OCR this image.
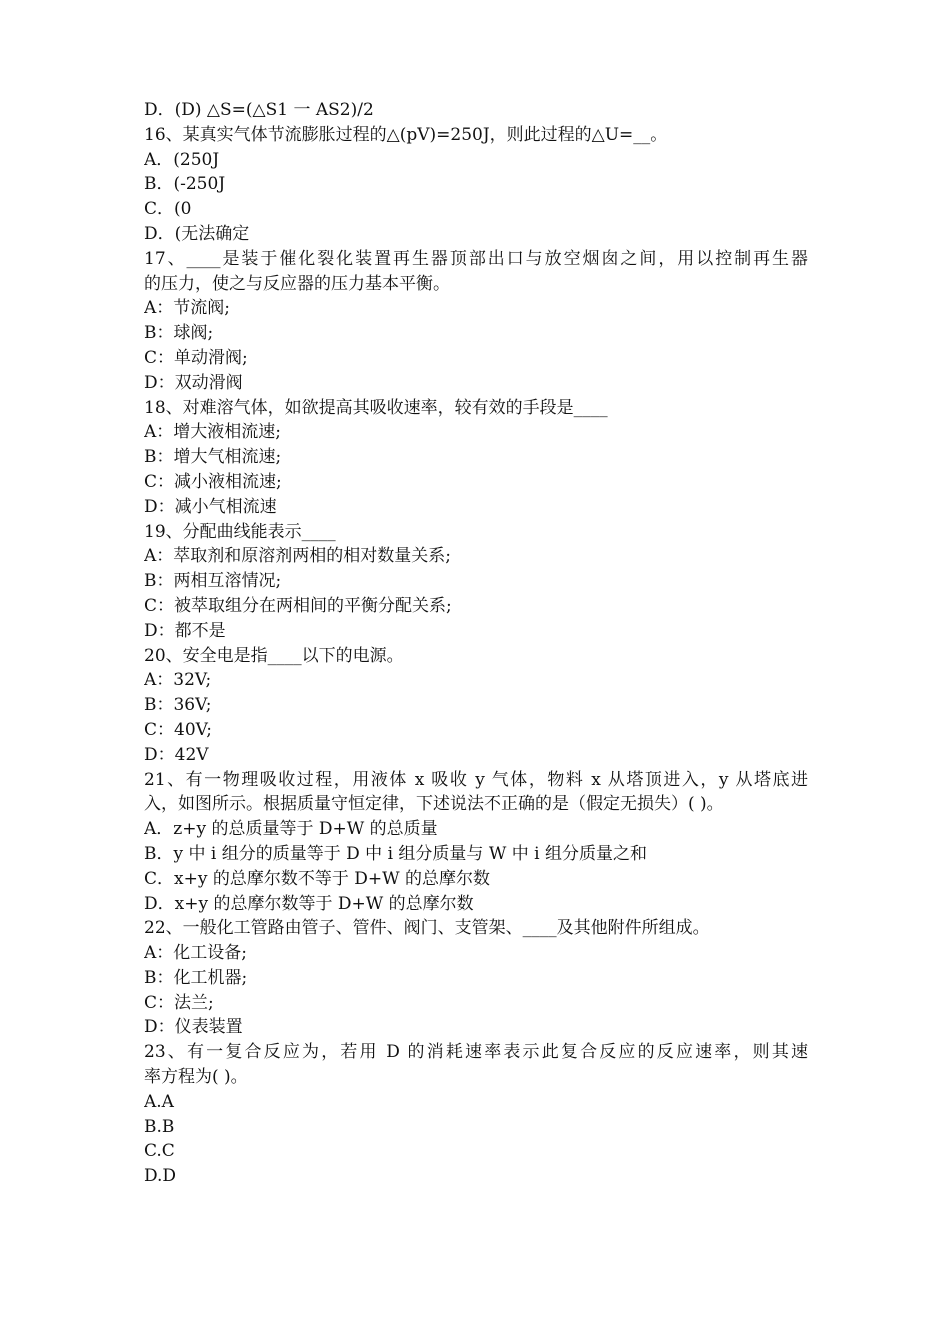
D．(D) △S=(△S1 一 AS2)/2
16、某真实气体节流膨胀过程的△(pV)=250J，则此过程的△U=__。
A．(250J
B．(-250J
C．(0
D．(无法确定
17、____是装于催化裂化装置再生器顶部出口与放空烟囱之间，用以控制再生器
的压力，使之与反应器的压力基本平衡。
A：节流阀;
B：球阀;
C：单动滑阀;
D：双动滑阀
18、对难溶气体，如欲提高其吸收速率，较有效的手段是____
A：增大液相流速;
B：增大气相流速;
C：减小液相流速;
D：减小气相流速
19、分配曲线能表示____
A：萃取剂和原溶剂两相的相对数量关系;
B：两相互溶情况;
C：被萃取组分在两相间的平衡分配关系;
D：都不是
20、安全电是指____以下的电源。
A：32V;
B：36V;
C：40V;
D：42V
21、有一物理吸收过程，用液体 x 吸收 y 气体，物料 x 从塔顶进入，y 从塔底进
入，如图所示。根据质量守恒定律，下述说法不正确的是（假定无损失）( )。
A．z+y 的总质量等于 D+W 的总质量
B．y 中 i 组分的质量等于 D 中 i 组分质量与 W 中 i 组分质量之和
C．x+y 的总摩尔数不等于 D+W 的总摩尔数
D．x+y 的总摩尔数等于 D+W 的总摩尔数
22、一般化工管路由管子、管件、阀门、支管架、____及其他附件所组成。
A：化工设备;
B：化工机器;
C：法兰;
D：仪表装置
23、有一复合反应为，若用 D 的消耗速率表示此复合反应的反应速率，则其速
率方程为( )。
A.A
B.B
C.C
D.D
